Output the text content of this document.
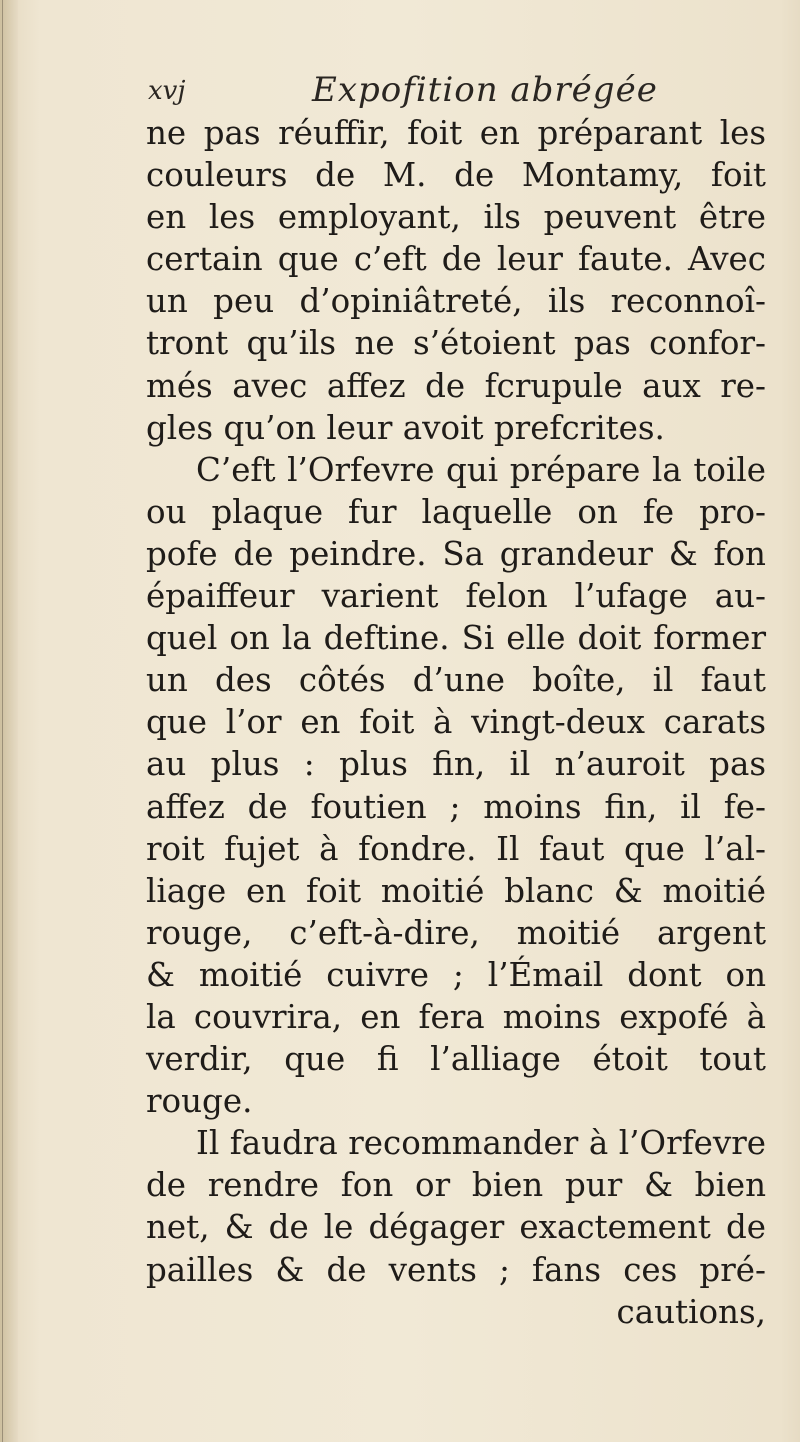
xvj	Expofition abrégée
ne pas réuffir, foit en préparant les
couleurs de M. de Montamy, foit
en les employant, ils peuvent être
certain que c’eft de leur faute. Avec
un peu d’opiniâtreté, ils reconnoî-
tront qu’ils ne s’étoient pas confor-
més avec affez de fcrupule aux re-
gles qu’on leur avoit prefcrites.
C’eft l’Orfevre qui prépare la toile
ou plaque fur laquelle on fe pro-
pofe de peindre. Sa grandeur & fon
épaiffeur varient felon l’ufage au-
quel on la deftine. Si elle doit former
un des côtés d’une boîte, il faut
que l’or en foit à vingt-deux carats
au plus : plus fin, il n’auroit pas
affez de foutien ; moins fin, il fe-
roit fujet à fondre. Il faut que l’al-
liage en foit moitié blanc & moitié
rouge, c’eft-à-dire, moitié argent
& moitié cuivre ; l’Émail dont on
la couvrira, en fera moins expofé à
verdir, que fi l’alliage étoit tout
rouge.
Il faudra recommander à l’Orfevre
de rendre fon or bien pur & bien
net, & de le dégager exactement de
pailles & de vents ; fans ces pré-
cautions,
